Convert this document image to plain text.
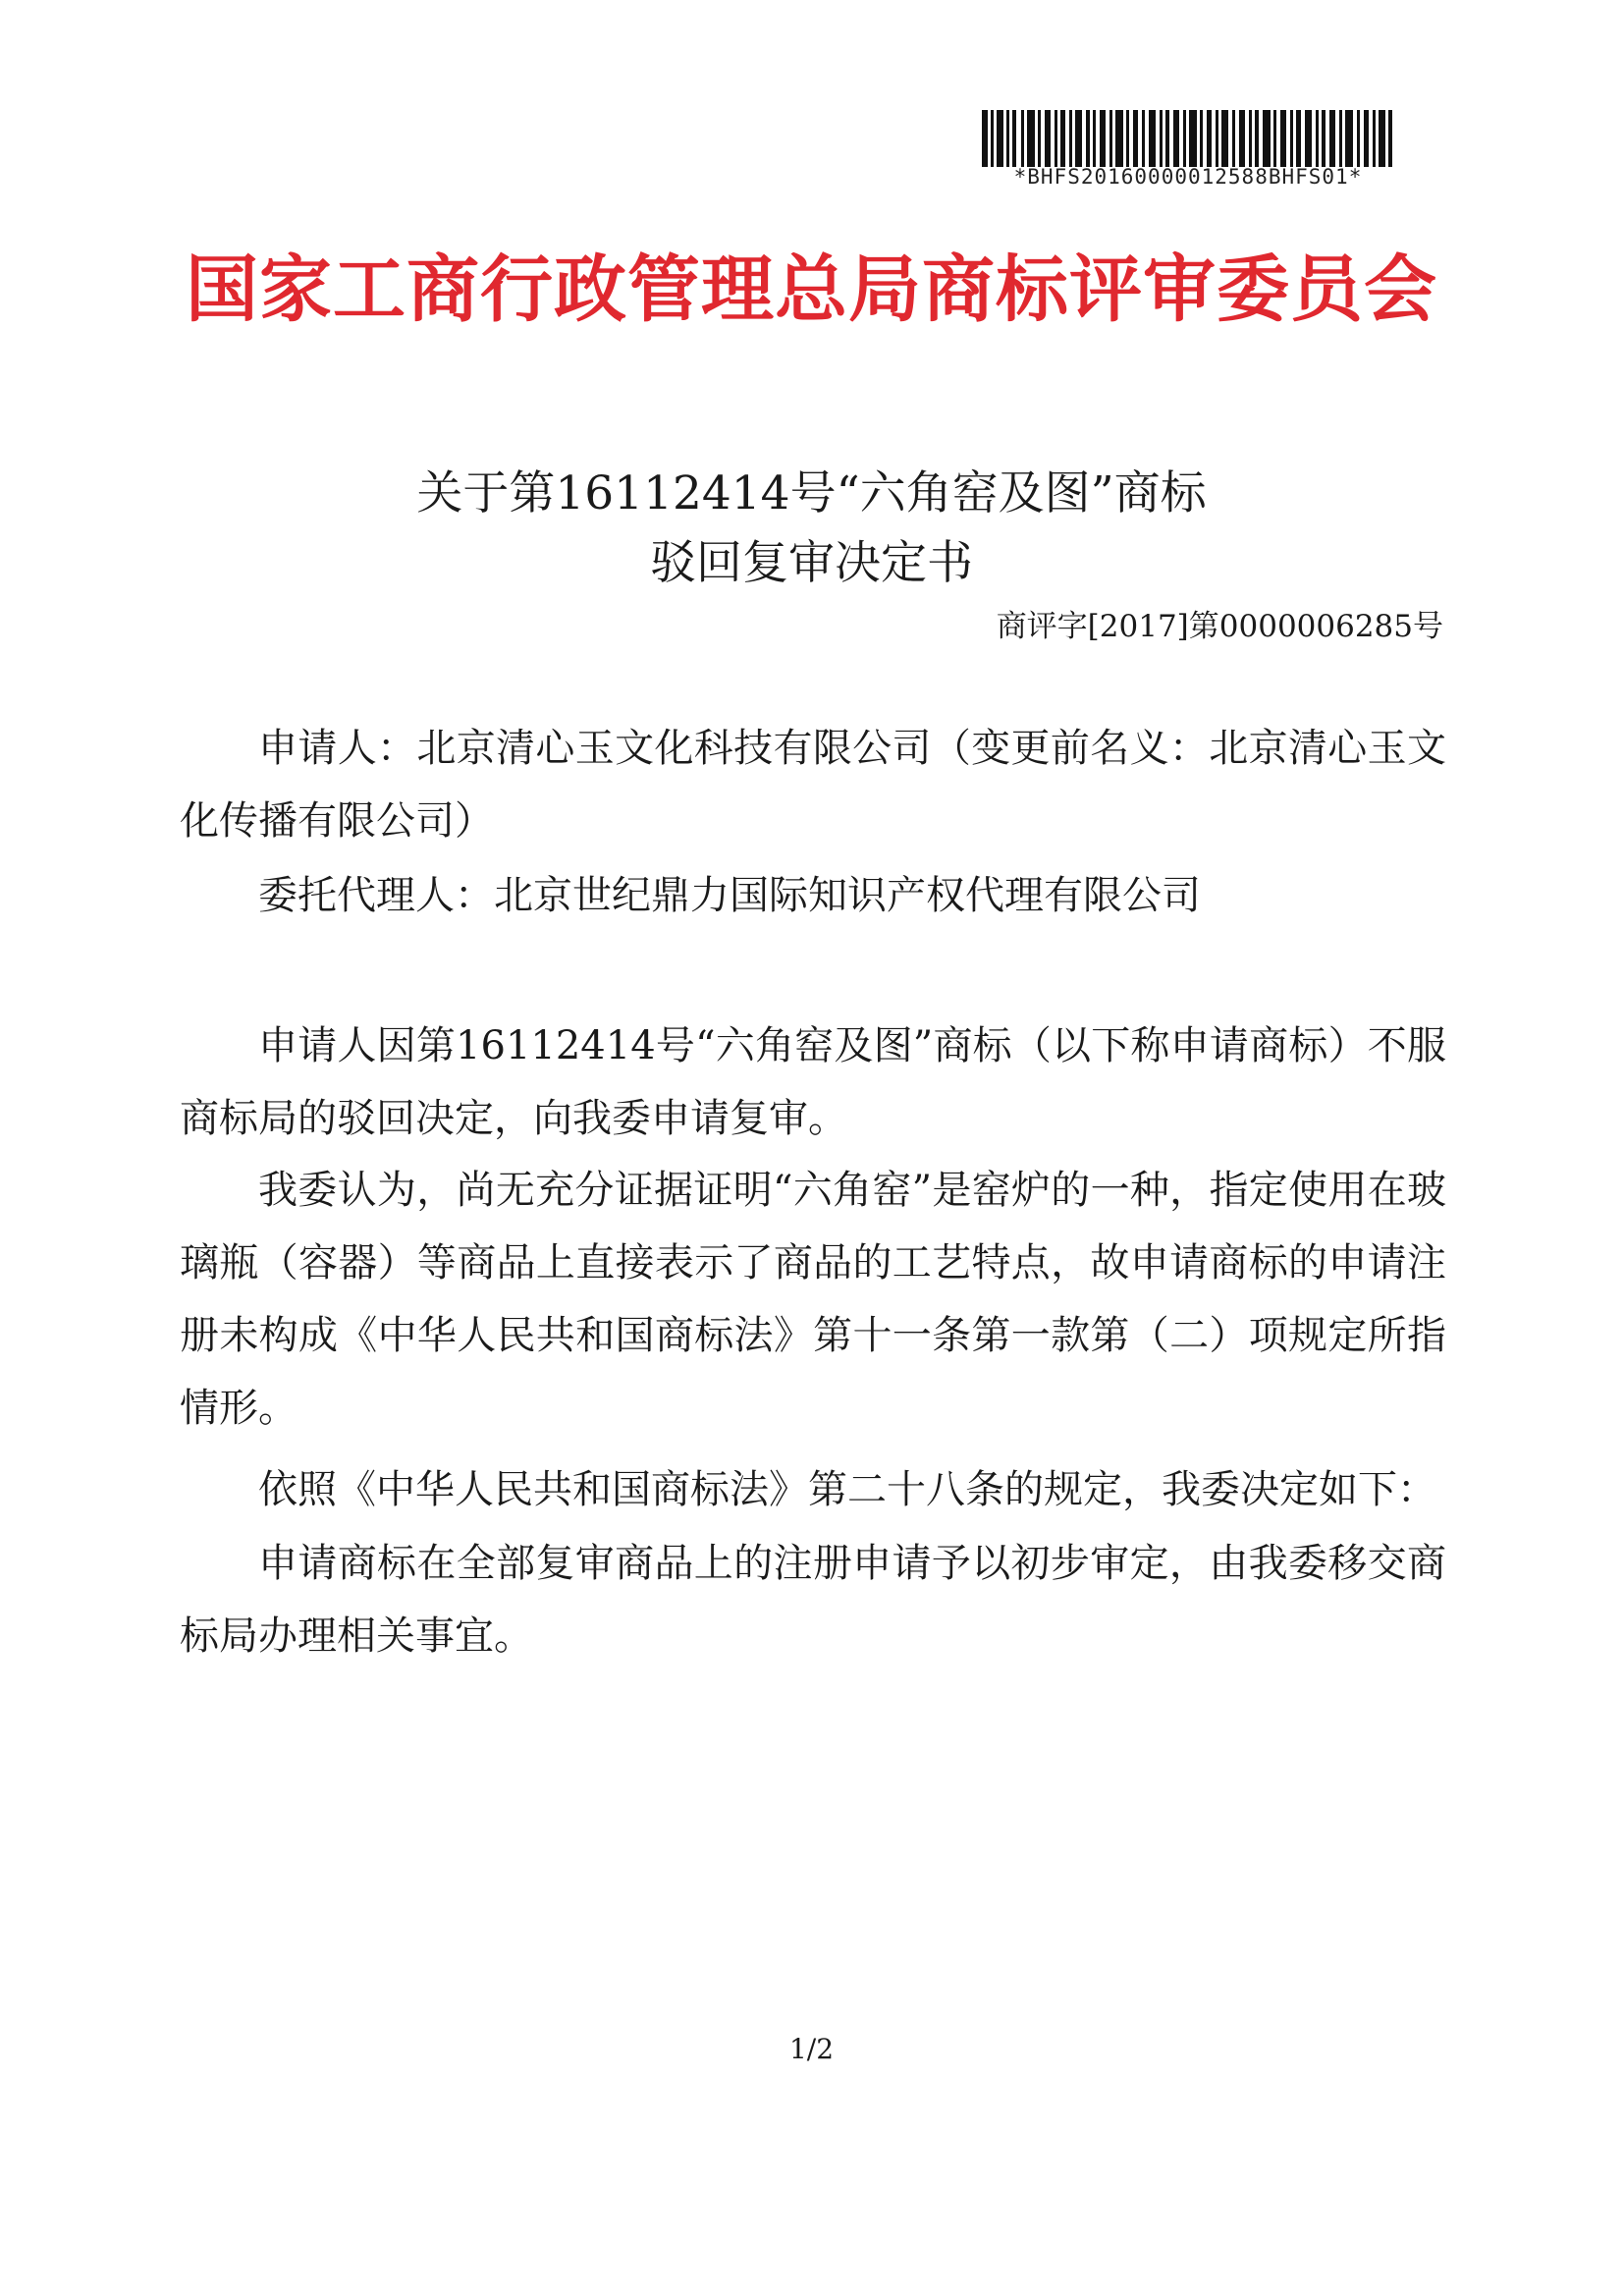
*BHFS20160000012588BHFS01*
国家工商行政管理总局商标评审委员会
关于第16112414号“六角窑及图”商标
驳回复审决定书
商评字[2017]第0000006285号

申请人：北京清心玉文化科技有限公司（变更前名义：北京清心玉文化传播有限公司）

委托代理人：北京世纪鼎力国际知识产权代理有限公司

申请人因第16112414号“六角窑及图”商标（以下称申请商标）不服商标局的驳回决定，向我委申请复审。

我委认为，尚无充分证据证明“六角窑”是窑炉的一种，指定使用在玻璃瓶（容器）等商品上直接表示了商品的工艺特点，故申请商标的申请注册未构成《中华人民共和国商标法》第十一条第一款第（二）项规定所指情形。

依照《中华人民共和国商标法》第二十八条的规定，我委决定如下：

申请商标在全部复审商品上的注册申请予以初步审定，由我委移交商标局办理相关事宜。

1/2
